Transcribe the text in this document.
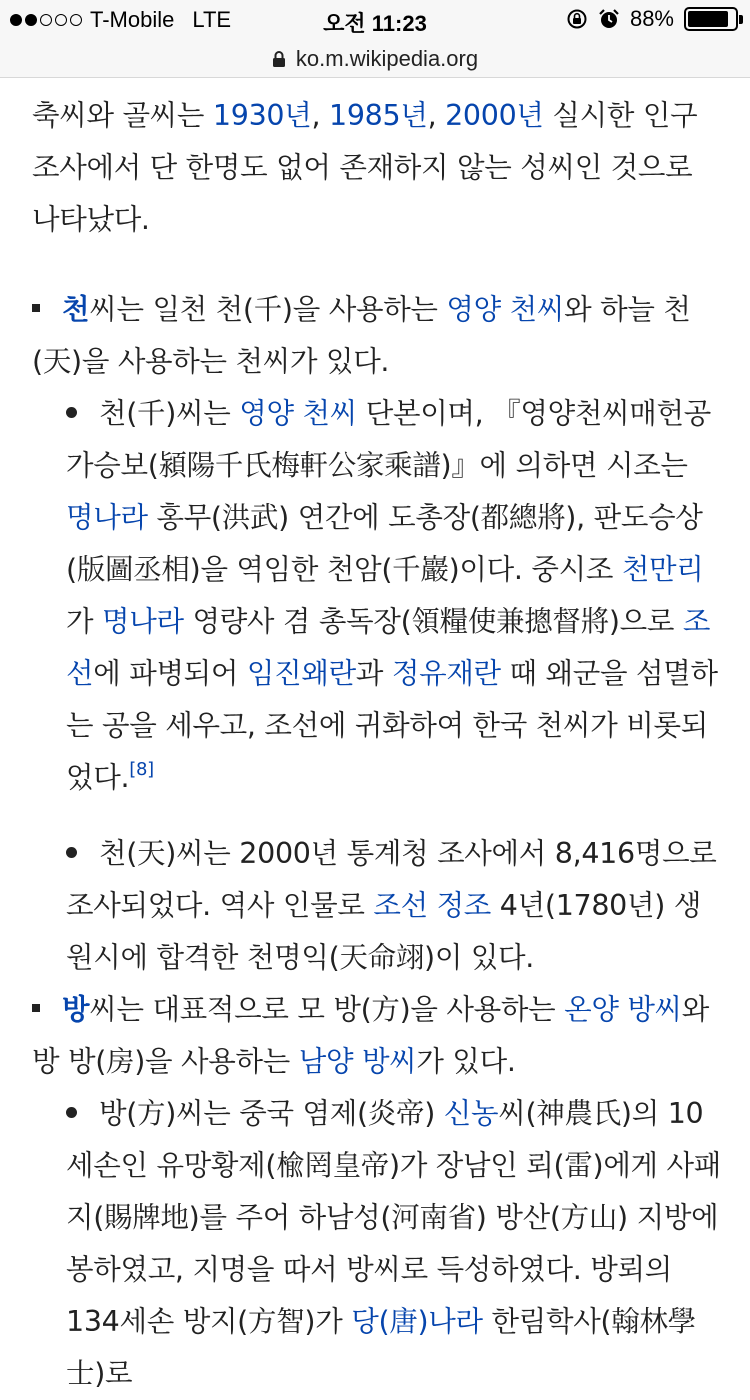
T-Mobile LTE	오전 11:23	88%
ko.m.wikipedia.org

축씨와 골씨는 1930년, 1985년, 2000년 실시한 인구조사에서 단 한명도 없어 존재하지 않는 성씨인 것으로 나타났다.

천씨는 일천 천(千)을 사용하는 영양 천씨와 하늘 천(天)을 사용하는 천씨가 있다.
천(千)씨는 영양 천씨 단본이며, 『영양천씨매헌공가승보(潁陽千氏梅軒公家乘譜)』에 의하면 시조는 명나라 홍무(洪武) 연간에 도총장(都總將), 판도승상(版圖丞相)을 역임한 천암(千巖)이다. 중시조 천만리가 명나라 영량사 겸 총독장(領糧使兼摠督將)으로 조선에 파병되어 임진왜란과 정유재란 때 왜군을 섬멸하는 공을 세우고, 조선에 귀화하여 한국 천씨가 비롯되었다.[8]
천(天)씨는 2000년 통계청 조사에서 8,416명으로 조사되었다. 역사 인물로 조선 정조 4년(1780년) 생원시에 합격한 천명익(天命翊)이 있다.
방씨는 대표적으로 모 방(方)을 사용하는 온양 방씨와 방 방(房)을 사용하는 남양 방씨가 있다.
방(方)씨는 중국 염제(炎帝) 신농씨(神農氏)의 10세손인 유망황제(楡罔皇帝)가 장남인 뢰(雷)에게 사패지(賜牌地)를 주어 하남성(河南省) 방산(方山) 지방에 봉하였고, 지명을 따서 방씨로 득성하였다. 방뢰의 134세손 방지(方智)가 당(唐)나라 한림학사(翰林學士)로
